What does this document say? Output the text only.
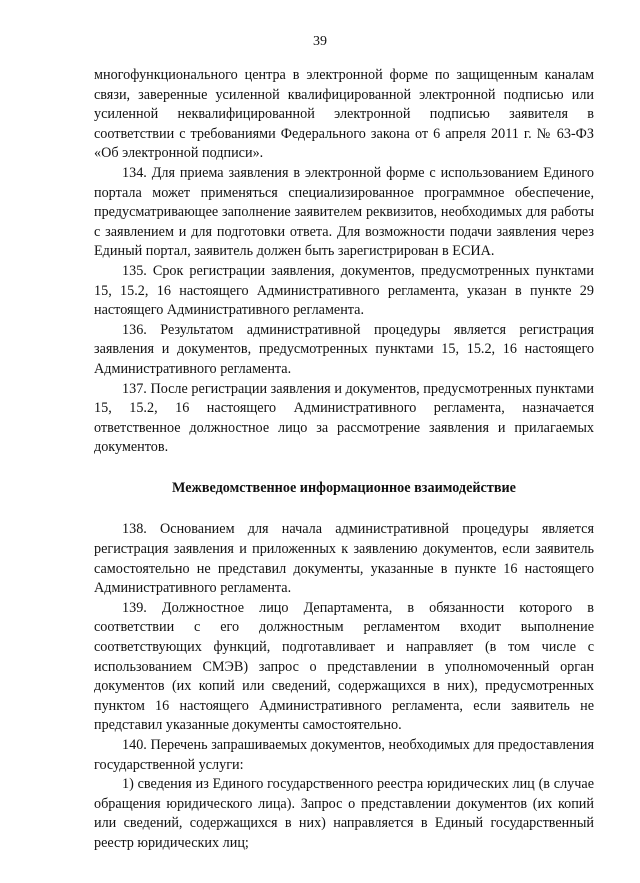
39

многофункционального центра в электронной форме по защищенным каналам связи, заверенные усиленной квалифицированной электронной подписью или усиленной неквалифицированной электронной подписью заявителя в соответствии с требованиями Федерального закона от 6 апреля 2011 г. № 63-ФЗ «Об электронной подписи».

134. Для приема заявления в электронной форме с использованием Единого портала может применяться специализированное программное обеспечение, предусматривающее заполнение заявителем реквизитов, необходимых для работы с заявлением и для подготовки ответа. Для возможности подачи заявления через Единый портал, заявитель должен быть зарегистрирован в ЕСИА.

135. Срок регистрации заявления, документов, предусмотренных пунктами 15, 15.2, 16 настоящего Административного регламента, указан в пункте 29 настоящего Административного регламента.

136. Результатом административной процедуры является регистрация заявления и документов, предусмотренных пунктами 15, 15.2, 16 настоящего Административного регламента.

137. После регистрации заявления и документов, предусмотренных пунктами 15, 15.2, 16 настоящего Административного регламента, назначается ответственное должностное лицо за рассмотрение заявления и прилагаемых документов.

Межведомственное информационное взаимодействие

138. Основанием для начала административной процедуры является регистрация заявления и приложенных к заявлению документов, если заявитель самостоятельно не представил документы, указанные в пункте 16 настоящего Административного регламента.

139. Должностное лицо Департамента, в обязанности которого в соответствии с его должностным регламентом входит выполнение соответствующих функций, подготавливает и направляет (в том числе с использованием СМЭВ) запрос о представлении в уполномоченный орган документов (их копий или сведений, содержащихся в них), предусмотренных пунктом 16 настоящего Административного регламента, если заявитель не представил указанные документы самостоятельно.

140. Перечень запрашиваемых документов, необходимых для предоставления государственной услуги:

1) сведения из Единого государственного реестра юридических лиц (в случае обращения юридического лица). Запрос о представлении документов (их копий или сведений, содержащихся в них) направляется в Единый государственный реестр юридических лиц;
